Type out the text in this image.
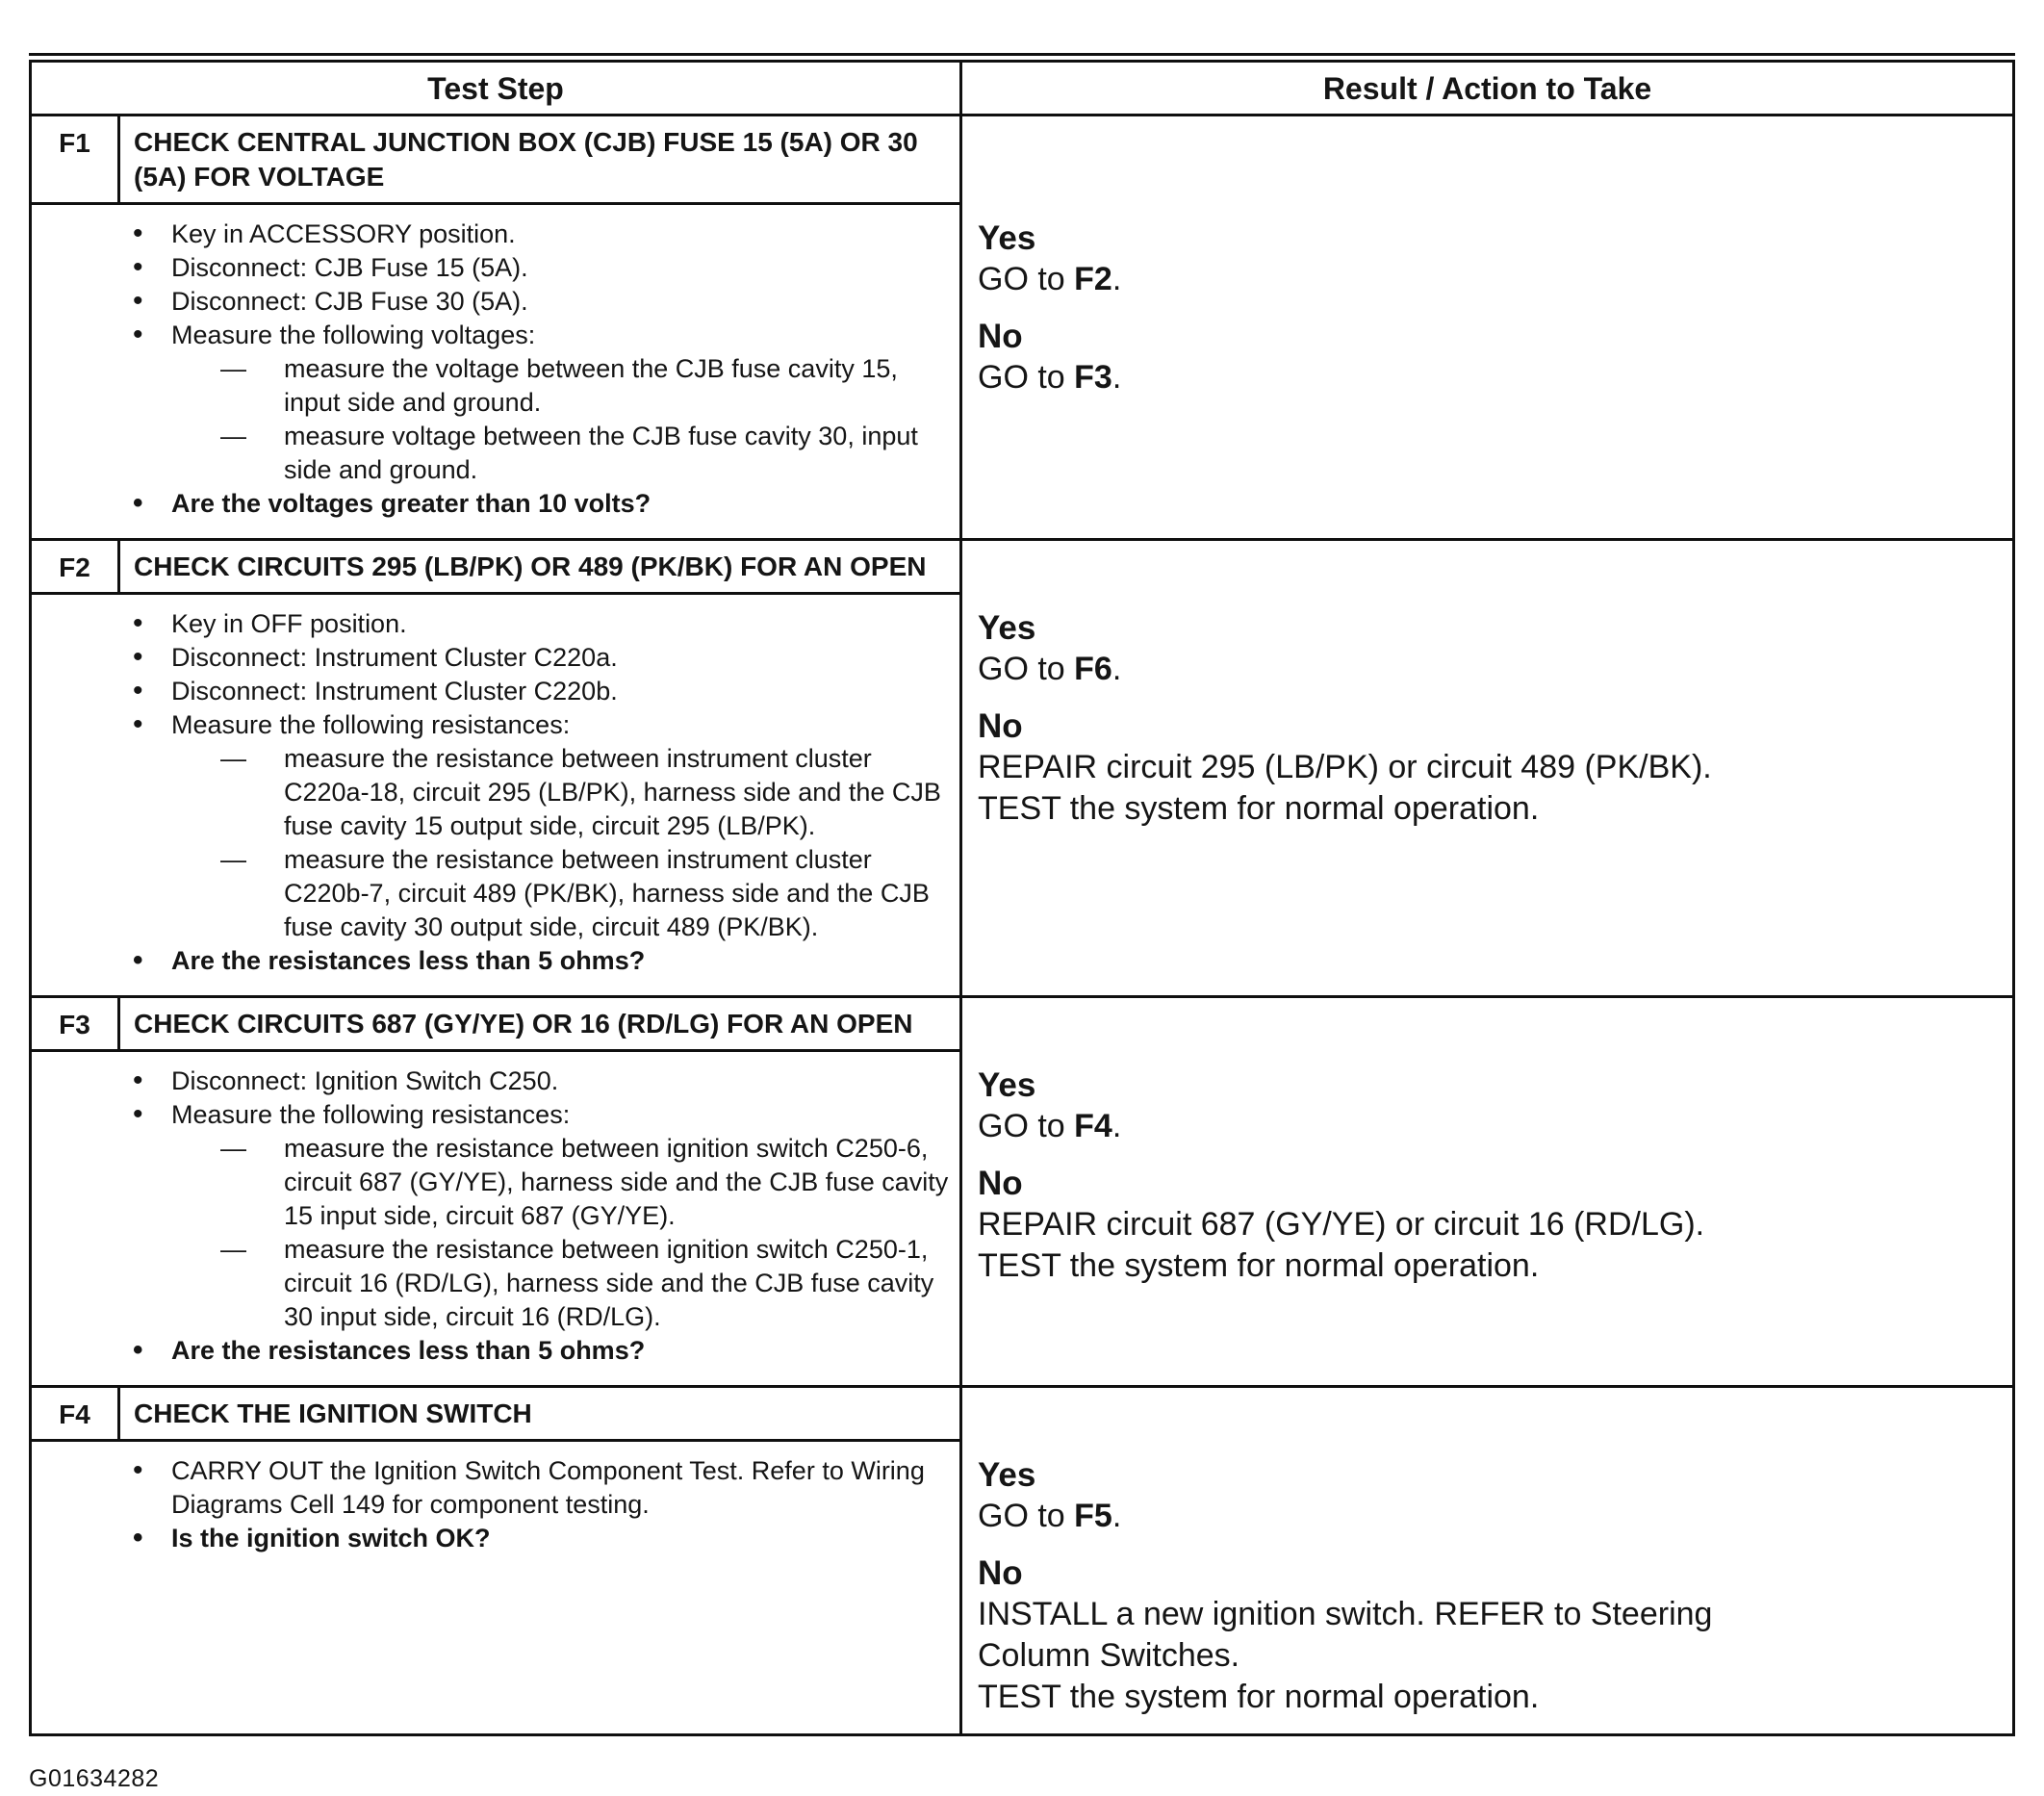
Test Step	Result / Action to Take
F1	CHECK CENTRAL JUNCTION BOX (CJB) FUSE 15 (5A) OR 30 (5A) FOR VOLTAGE
• Key in ACCESSORY position.
• Disconnect: CJB Fuse 15 (5A).
• Disconnect: CJB Fuse 30 (5A).
• Measure the following voltages:
— measure the voltage between the CJB fuse cavity 15, input side and ground.
— measure voltage between the CJB fuse cavity 30, input side and ground.
• Are the voltages greater than 10 volts?
Yes
GO to F2.
No
GO to F3.
F2	CHECK CIRCUITS 295 (LB/PK) OR 489 (PK/BK) FOR AN OPEN
• Key in OFF position.
• Disconnect: Instrument Cluster C220a.
• Disconnect: Instrument Cluster C220b.
• Measure the following resistances:
— measure the resistance between instrument cluster C220a-18, circuit 295 (LB/PK), harness side and the CJB fuse cavity 15 output side, circuit 295 (LB/PK).
— measure the resistance between instrument cluster C220b-7, circuit 489 (PK/BK), harness side and the CJB fuse cavity 30 output side, circuit 489 (PK/BK).
• Are the resistances less than 5 ohms?
Yes
GO to F6.
No
REPAIR circuit 295 (LB/PK) or circuit 489 (PK/BK). TEST the system for normal operation.
F3	CHECK CIRCUITS 687 (GY/YE) OR 16 (RD/LG) FOR AN OPEN
• Disconnect: Ignition Switch C250.
• Measure the following resistances:
— measure the resistance between ignition switch C250-6, circuit 687 (GY/YE), harness side and the CJB fuse cavity 15 input side, circuit 687 (GY/YE).
— measure the resistance between ignition switch C250-1, circuit 16 (RD/LG), harness side and the CJB fuse cavity 30 input side, circuit 16 (RD/LG).
• Are the resistances less than 5 ohms?
Yes
GO to F4.
No
REPAIR circuit 687 (GY/YE) or circuit 16 (RD/LG). TEST the system for normal operation.
F4	CHECK THE IGNITION SWITCH
• CARRY OUT the Ignition Switch Component Test. Refer to Wiring Diagrams Cell 149 for component testing.
• Is the ignition switch OK?
Yes
GO to F5.
No
INSTALL a new ignition switch. REFER to Steering Column Switches.
TEST the system for normal operation.
G01634282
